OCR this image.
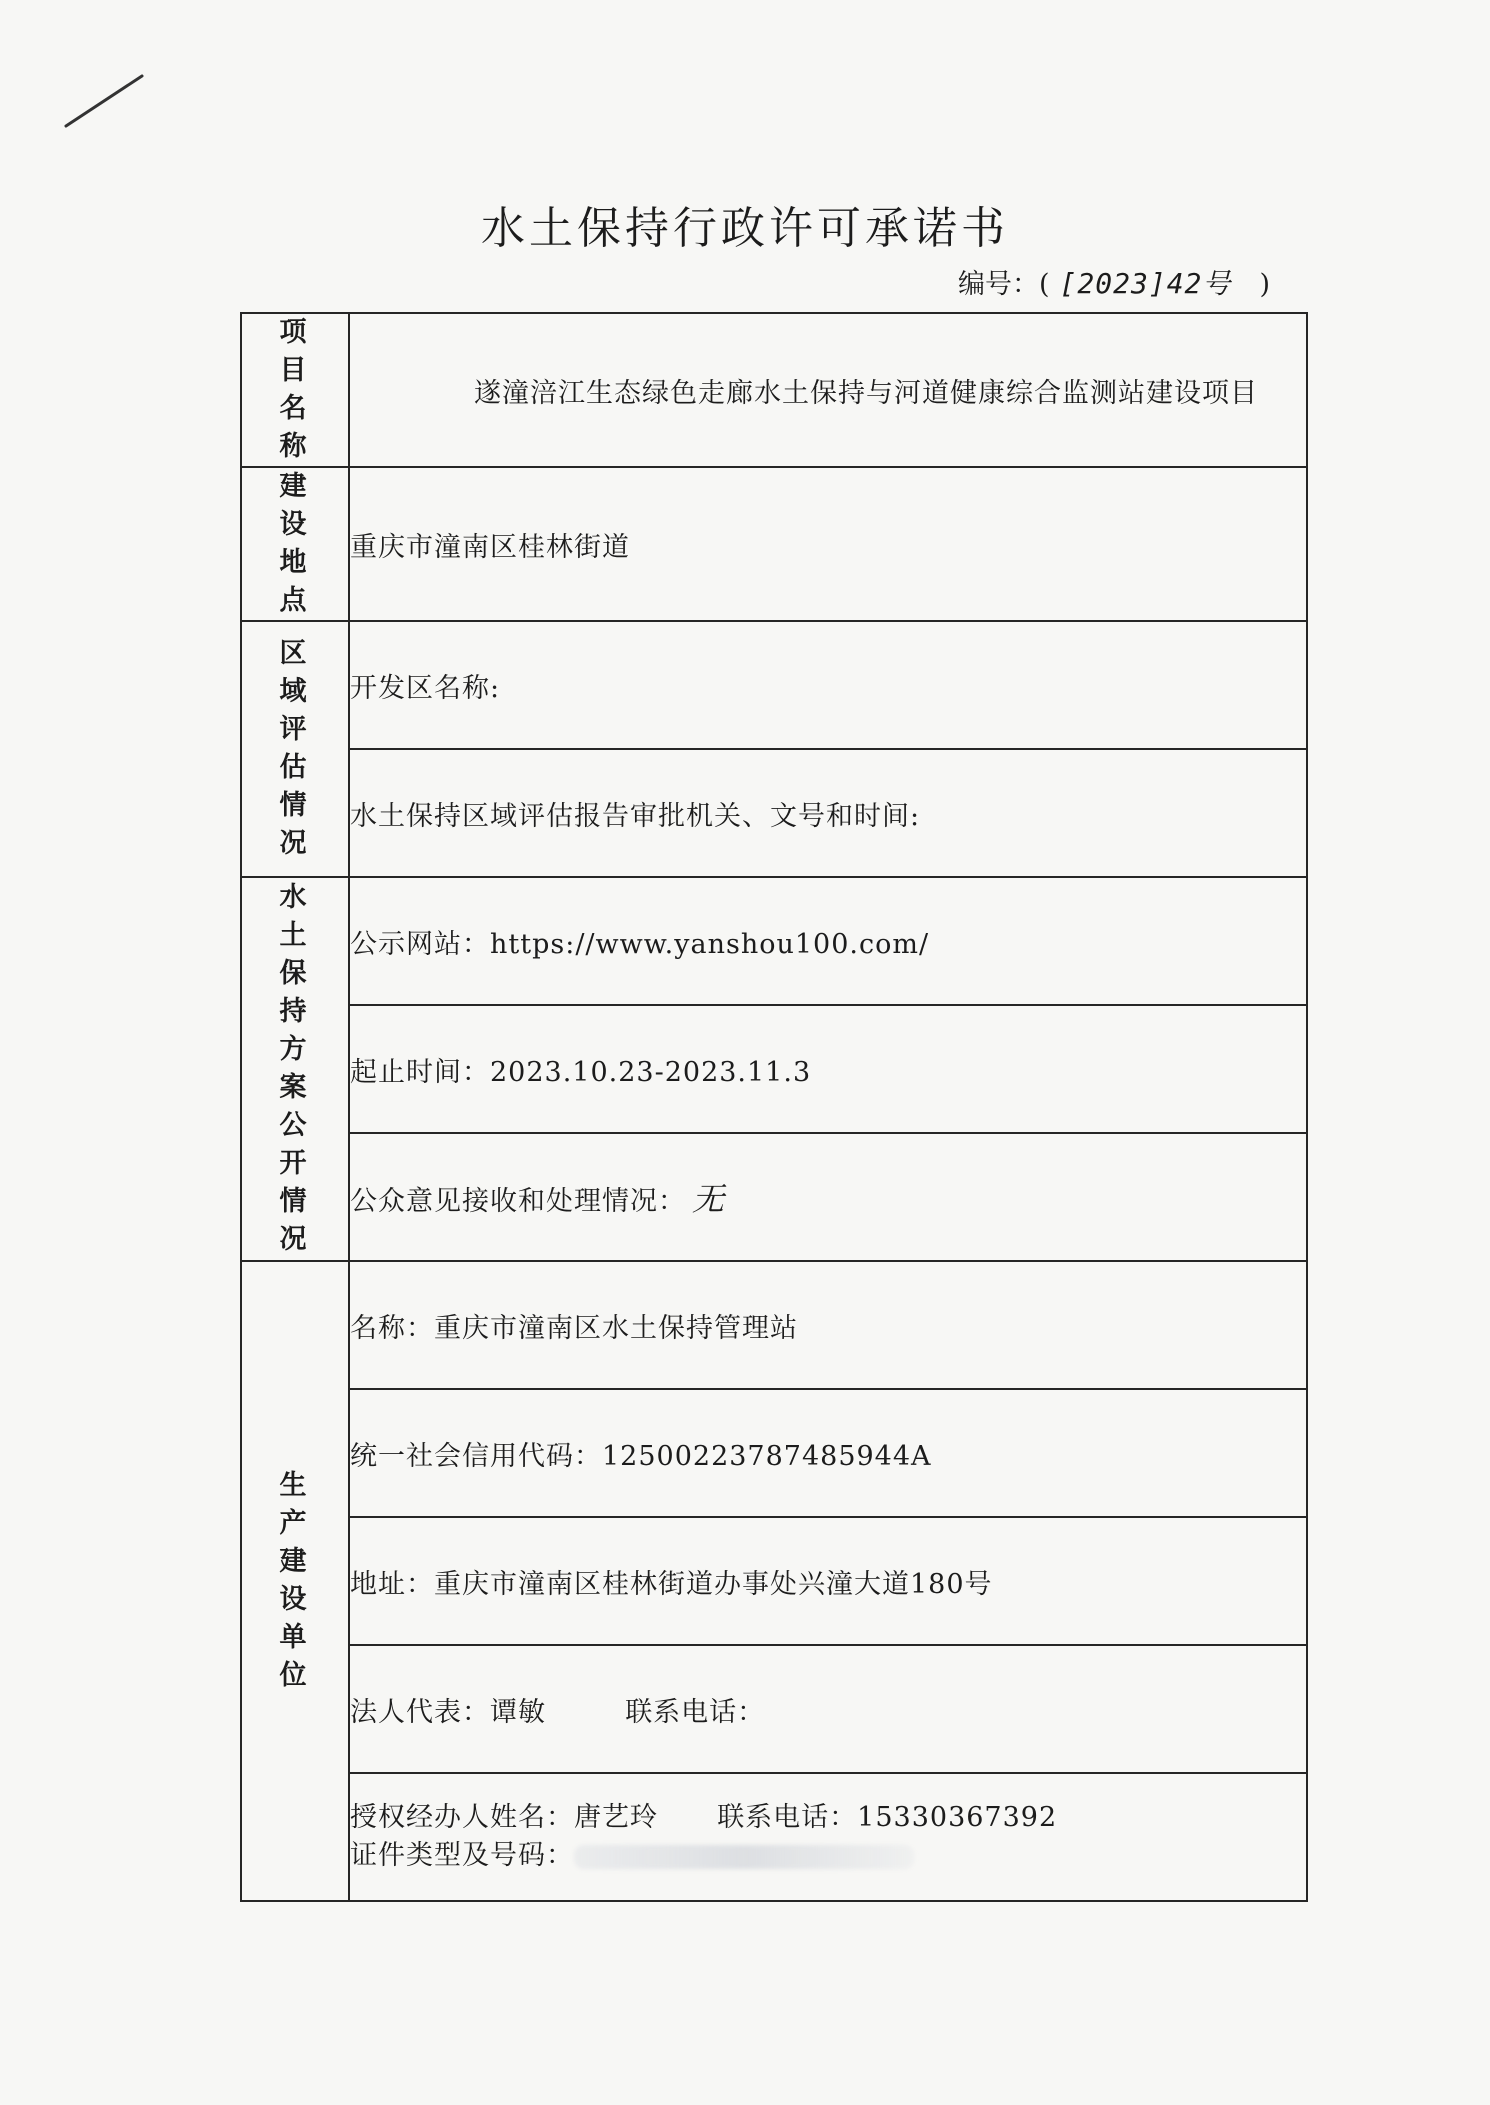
水土保持行政许可承诺书
编号：( [2023]42号	)
项目名称	遂潼涪江生态绿色走廊水土保持与河道健康综合监测站建设项目
建设地点	重庆市潼南区桂林街道
区域评估情况	开发区名称:
	水土保持区域评估报告审批机关、文号和时间:
水土保持方案公开情况	公示网站：https://www.yanshou100.com/
	起止时间：2023.10.23-2023.11.3
	公众意见接收和处理情况： 无
生产建设单位	名称：重庆市潼南区水土保持管理站
	统一社会信用代码：12500223787485944A
	地址：重庆市潼南区桂林街道办事处兴潼大道180号
	法人代表：谭敏 联系电话：

	授权经办人姓名：唐艺玲 联系电话：15330367392
证件类型及号码：
